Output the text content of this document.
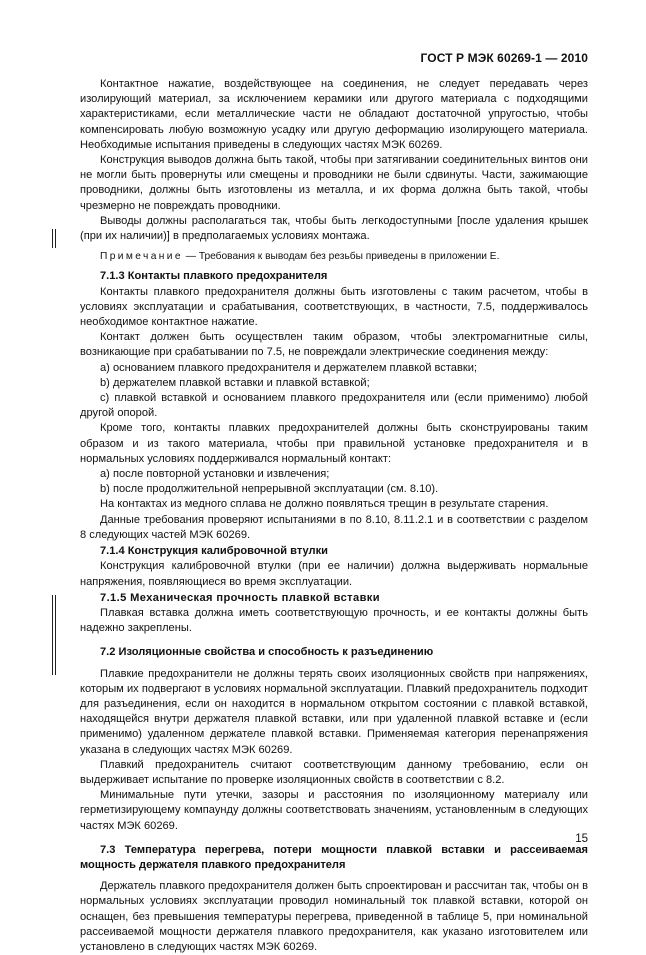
ГОСТ Р МЭК 60269-1 — 2010

Контактное нажатие, воздействующее на соединения, не следует передавать через изолирующий материал, за исключением керамики или другого материала с подходящими характеристиками, если металлические части не обладают достаточной упругостью, чтобы компенсировать любую возможную усадку или другую деформацию изолирующего материала. Необходимые испытания приведены в следующих частях МЭК 60269.

Конструкция выводов должна быть такой, чтобы при затягивании соединительных винтов они не могли быть провернуты или смещены и проводники не были сдвинуты. Части, зажимающие проводники, должны быть изготовлены из металла, и их форма должна быть такой, чтобы чрезмерно не повреждать проводники.

Выводы должны располагаться так, чтобы быть легкодоступными [после удаления крышек (при их наличии)] в предполагаемых условиях монтажа.

Примечание — Требования к выводам без резьбы приведены в приложении Е.

7.1.3 Контакты плавкого предохранителя

Контакты плавкого предохранителя должны быть изготовлены с таким расчетом, чтобы в условиях эксплуатации и срабатывания, соответствующих, в частности, 7.5, поддерживалось необходимое контактное нажатие.

Контакт должен быть осуществлен таким образом, чтобы электромагнитные силы, возникающие при срабатывании по 7.5, не повреждали электрические соединения между:

а) основанием плавкого предохранителя и держателем плавкой вставки;

b) держателем плавкой вставки и плавкой вставкой;

c) плавкой вставкой и основанием плавкого предохранителя или (если применимо) любой другой опорой.

Кроме того, контакты плавких предохранителей должны быть сконструированы таким образом и из такого материала, чтобы при правильной установке предохранителя и в нормальных условиях поддерживался нормальный контакт:

а) после повторной установки и извлечения;

b) после продолжительной непрерывной эксплуатации (см. 8.10).

На контактах из медного сплава не должно появляться трещин в результате старения.

Данные требования проверяют испытаниями в по 8.10, 8.11.2.1 и в соответствии с разделом 8 следующих частей МЭК 60269.

7.1.4 Конструкция калибровочной втулки

Конструкция калибровочной втулки (при ее наличии) должна выдерживать нормальные напряжения, появляющиеся во время эксплуатации.

7.1.5 Механическая прочность плавкой вставки

Плавкая вставка должна иметь соответствующую прочность, и ее контакты должны быть надежно закреплены.

7.2 Изоляционные свойства и способность к разъединению

Плавкие предохранители не должны терять своих изоляционных свойств при напряжениях, которым их подвергают в условиях нормальной эксплуатации. Плавкий предохранитель подходит для разъединения, если он находится в нормальном открытом состоянии с плавкой вставкой, находящейся внутри держателя плавкой вставки, или при удаленной плавкой вставке и (если применимо) удаленном держателе плавкой вставки. Применяемая категория перенапряжения указана в следующих частях МЭК 60269.

Плавкий предохранитель считают соответствующим данному требованию, если он выдерживает испытание по проверке изоляционных свойств в соответствии с 8.2.

Минимальные пути утечки, зазоры и расстояния по изоляционному материалу или герметизирующему компаунду должны соответствовать значениям, установленным в следующих частях МЭК 60269.

7.3 Температура перегрева, потери мощности плавкой вставки и рассеиваемая мощность держателя плавкого предохранителя

Держатель плавкого предохранителя должен быть спроектирован и рассчитан так, чтобы он в нормальных условиях эксплуатации проводил номинальный ток плавкой вставки, которой он оснащен, без превышения температуры перегрева, приведенной в таблице 5, при номинальной рассеиваемой мощности держателя плавкого предохранителя, как указано изготовителем или установлено в следующих частях МЭК 60269.

15
